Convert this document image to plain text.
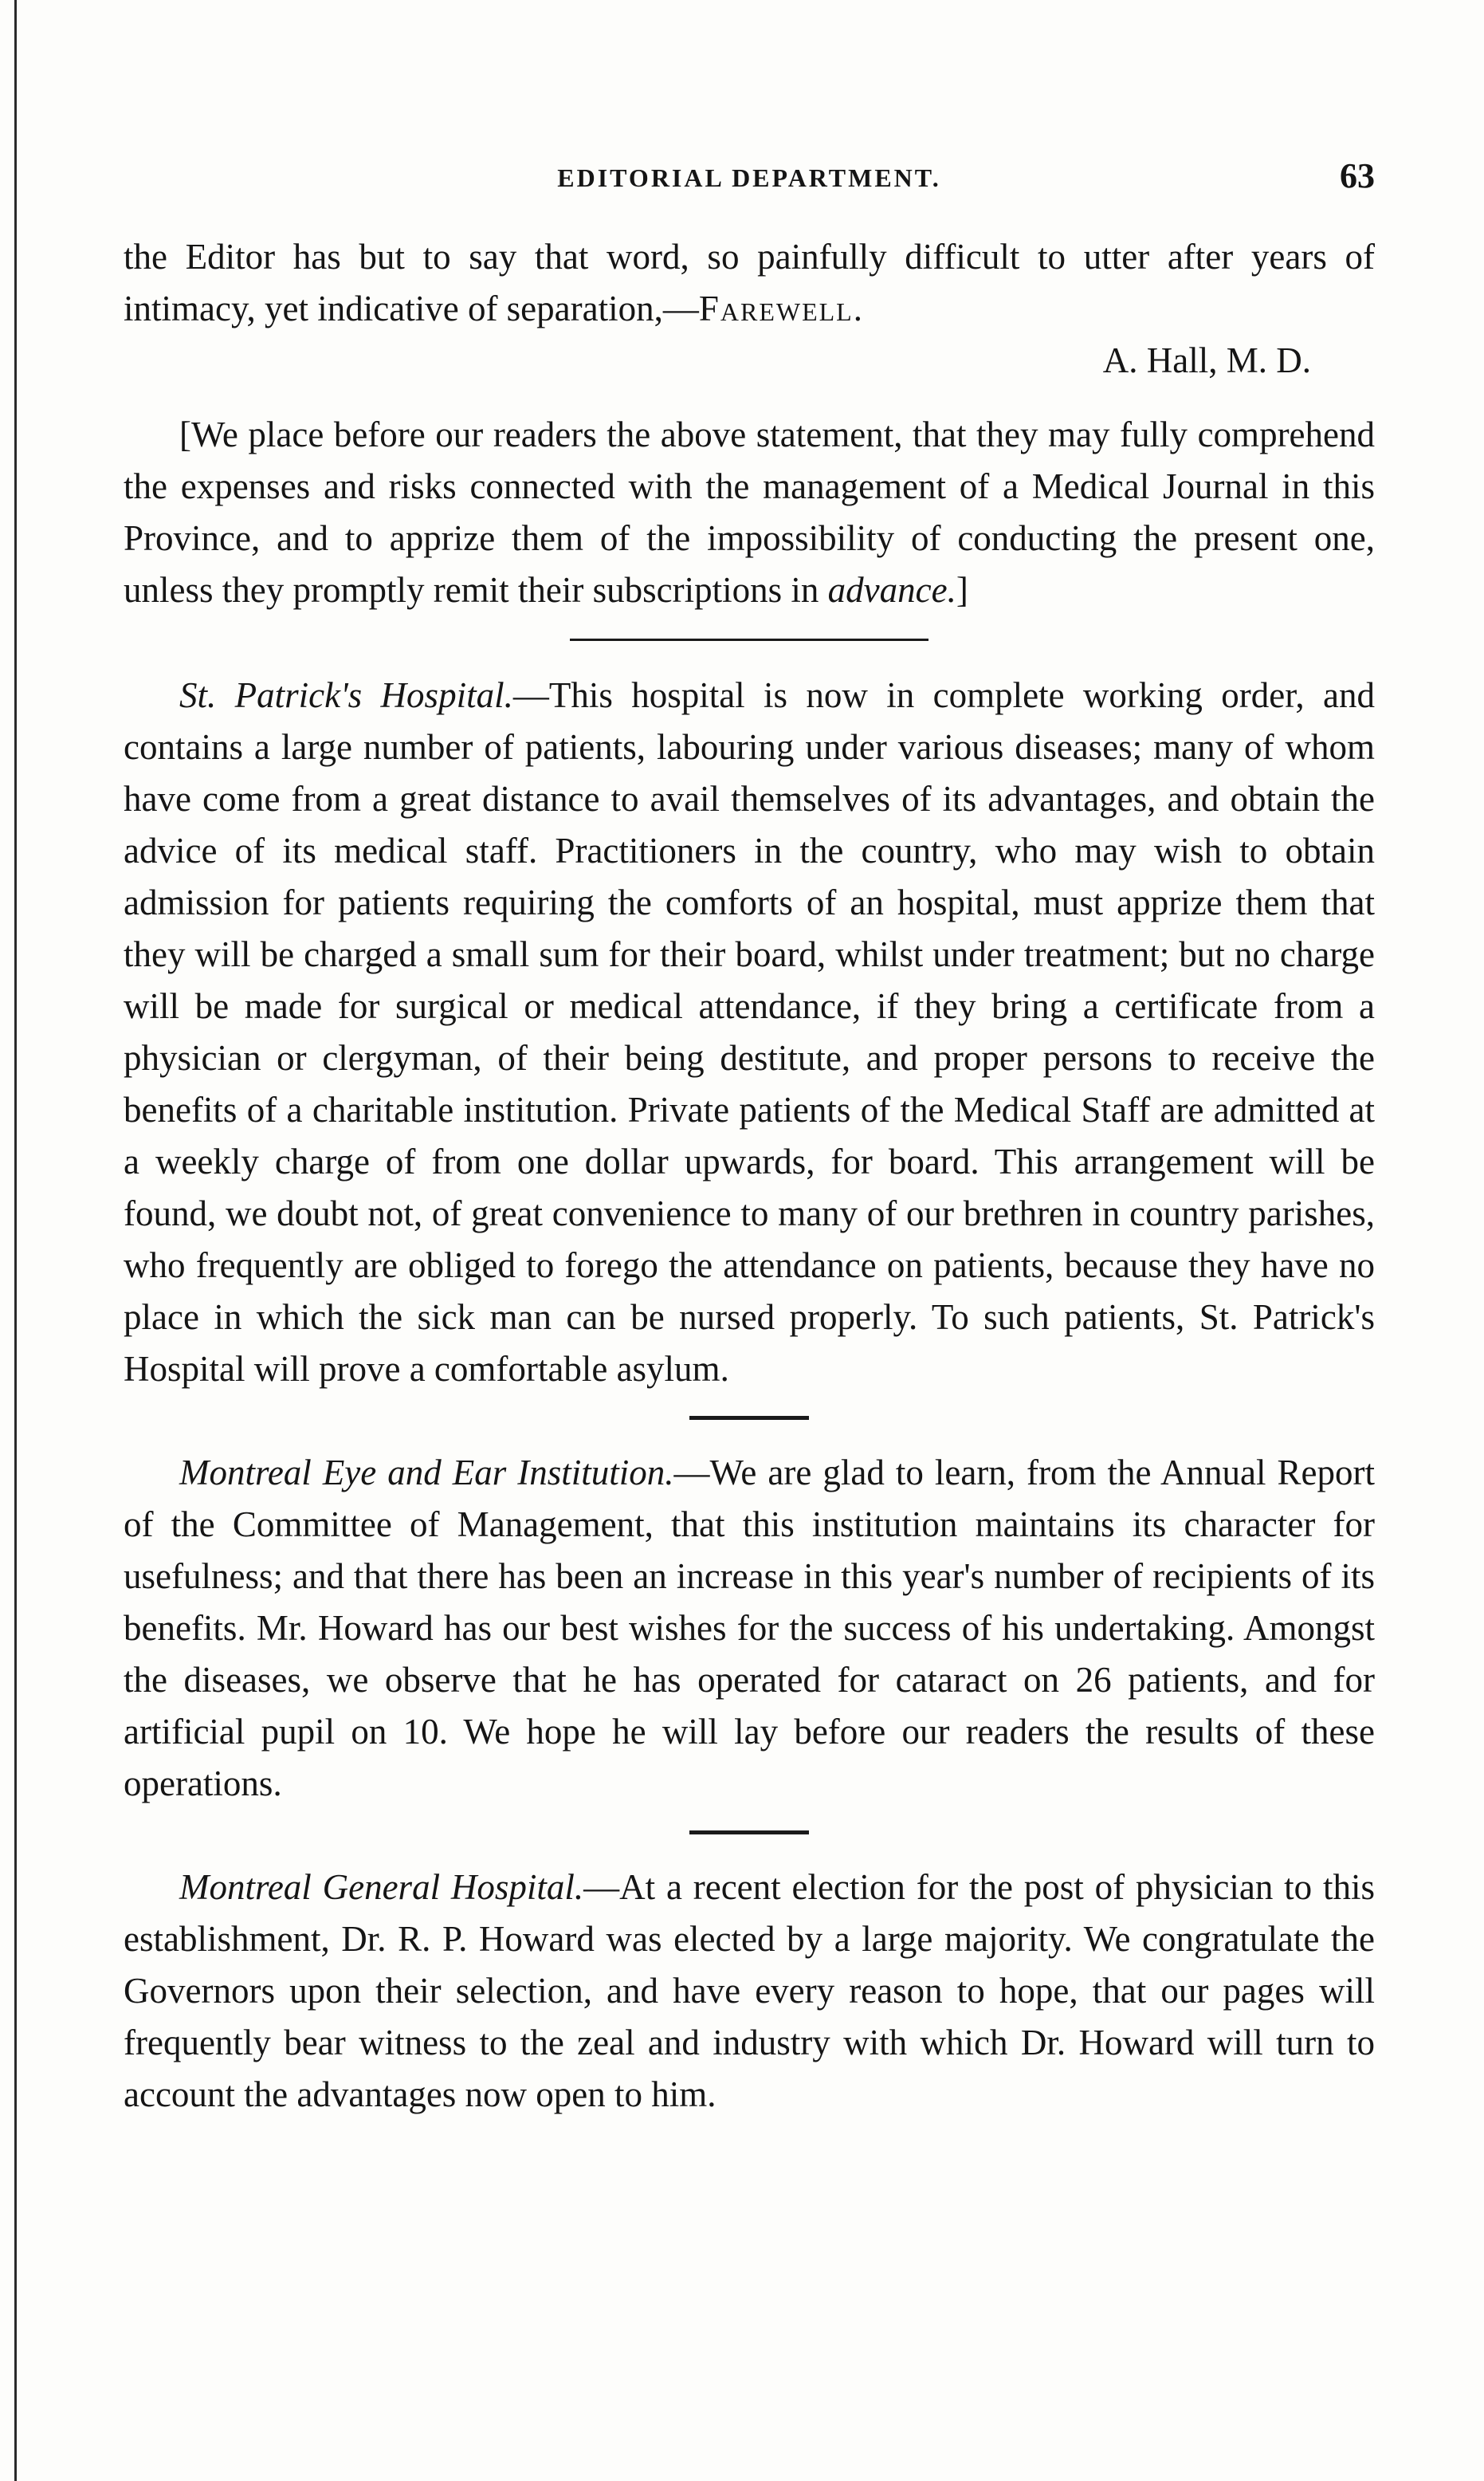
EDITORIAL DEPARTMENT.	63

the Editor has but to say that word, so painfully difficult to utter after years of intimacy, yet indicative of separation,—Farewell.

A. Hall, M. D.

[We place before our readers the above statement, that they may fully comprehend the expenses and risks connected with the management of a Medical Journal in this Province, and to apprize them of the impossibility of conducting the present one, unless they promptly remit their subscriptions in advance.]

St. Patrick's Hospital.—This hospital is now in complete working order, and contains a large number of patients, labouring under various diseases; many of whom have come from a great distance to avail themselves of its advantages, and obtain the advice of its medical staff. Practitioners in the country, who may wish to obtain admission for patients requiring the comforts of an hospital, must apprize them that they will be charged a small sum for their board, whilst under treatment; but no charge will be made for surgical or medical attendance, if they bring a certificate from a physician or clergyman, of their being destitute, and proper persons to receive the benefits of a charitable institution. Private patients of the Medical Staff are admitted at a weekly charge of from one dollar upwards, for board. This arrangement will be found, we doubt not, of great convenience to many of our brethren in country parishes, who frequently are obliged to forego the attendance on patients, because they have no place in which the sick man can be nursed properly. To such patients, St. Patrick's Hospital will prove a comfortable asylum.

Montreal Eye and Ear Institution.—We are glad to learn, from the Annual Report of the Committee of Management, that this institution maintains its character for usefulness; and that there has been an increase in this year's number of recipients of its benefits. Mr. Howard has our best wishes for the success of his undertaking. Amongst the diseases, we observe that he has operated for cataract on 26 patients, and for artificial pupil on 10. We hope he will lay before our readers the results of these operations.

Montreal General Hospital.—At a recent election for the post of physician to this establishment, Dr. R. P. Howard was elected by a large majority. We congratulate the Governors upon their selection, and have every reason to hope, that our pages will frequently bear witness to the zeal and industry with which Dr. Howard will turn to account the advantages now open to him.
